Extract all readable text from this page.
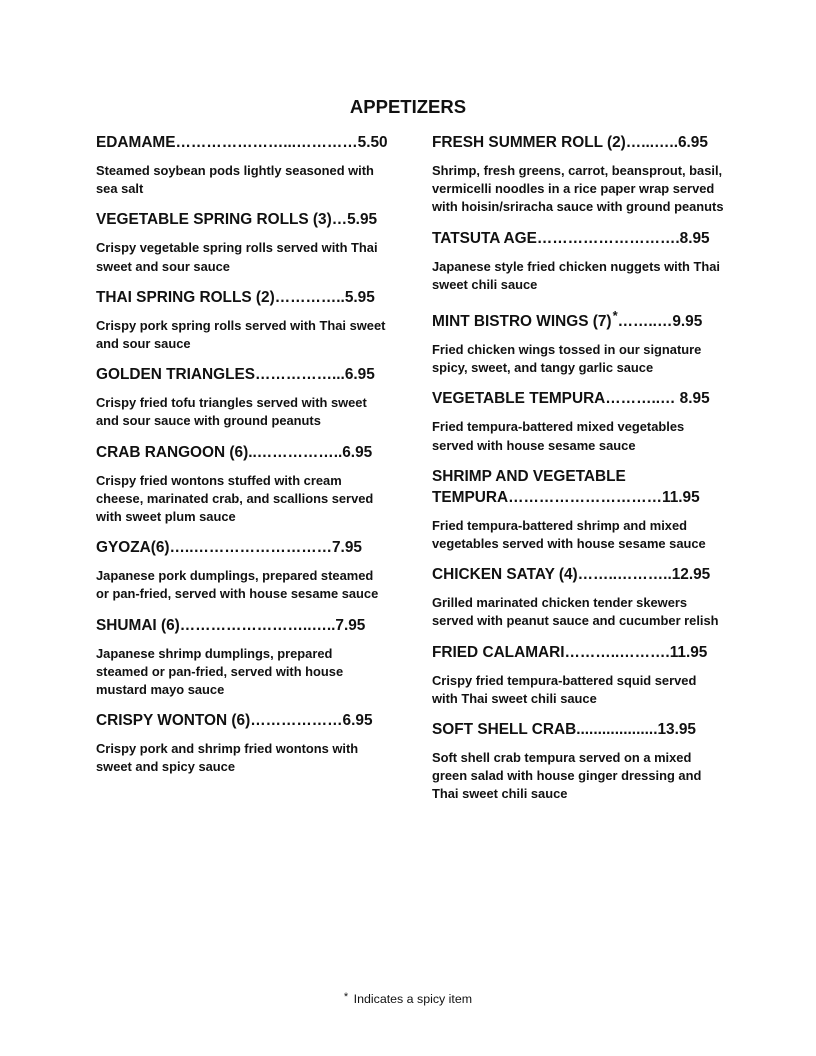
APPETIZERS

EDAMAME…………………...…………5.50

Steamed soybean pods lightly seasoned with sea salt

VEGETABLE SPRING ROLLS (3)…5.95

Crispy vegetable spring rolls served with Thai sweet and sour sauce

THAI SPRING ROLLS (2)…………..5.95

Crispy pork spring rolls served with Thai sweet and sour sauce

GOLDEN TRIANGLES……………...6.95

Crispy fried tofu triangles served with sweet and sour sauce with ground peanuts

CRAB RANGOON (6)..……………..6.95

Crispy fried wontons stuffed with cream cheese, marinated crab, and scallions served with sweet plum sauce

GYOZA(6)…..………………………7.95

Japanese pork dumplings, prepared steamed or pan-fried, served with house sesame sauce

SHUMAI (6)……………………..…..7.95

Japanese shrimp dumplings, prepared steamed or pan-fried, served with house mustard mayo sauce

CRISPY WONTON (6)………………6.95

Crispy pork and shrimp fried wontons with sweet and spicy sauce

FRESH SUMMER ROLL (2)…...…..6.95

Shrimp, fresh greens, carrot, beansprout, basil, vermicelli noodles in a rice paper wrap served with hoisin/sriracha sauce with ground peanuts

TATSUTA AGE……………………….8.95

Japanese style fried chicken nuggets with Thai sweet chili sauce

MINT BISTRO WINGS (7)*……..…9.95

Fried chicken wings tossed in our signature spicy, sweet, and tangy garlic sauce

VEGETABLE TEMPURA………..… 8.95

Fried tempura-battered mixed vegetables served with house sesame sauce

SHRIMP AND VEGETABLE TEMPURA…………………………11.95

Fried tempura-battered shrimp and mixed vegetables served with house sesame sauce

CHICKEN SATAY (4)……..………..12.95

Grilled marinated chicken tender skewers served with peanut sauce and cucumber relish

FRIED CALAMARI………..……….11.95

Crispy fried tempura-battered squid served with Thai sweet chili sauce

SOFT SHELL CRAB...................13.95

Soft shell crab tempura served on a mixed green salad with house ginger dressing and Thai sweet chili sauce

* Indicates a spicy item
